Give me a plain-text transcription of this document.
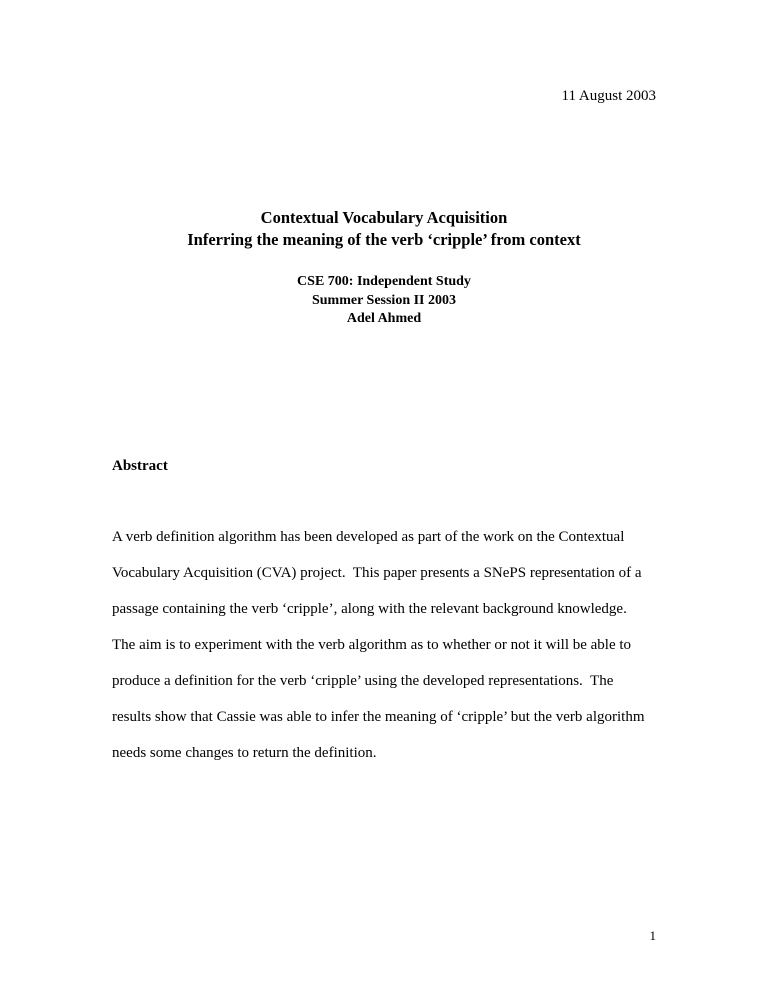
11 August 2003
Contextual Vocabulary Acquisition
Inferring the meaning of the verb ‘cripple’ from context
CSE 700: Independent Study
Summer Session II 2003
Adel Ahmed
Abstract
A verb definition algorithm has been developed as part of the work on the Contextual Vocabulary Acquisition (CVA) project.  This paper presents a SNePS representation of a passage containing the verb ‘cripple’, along with the relevant background knowledge.  The aim is to experiment with the verb algorithm as to whether or not it will be able to produce a definition for the verb ‘cripple’ using the developed representations.  The results show that Cassie was able to infer the meaning of ‘cripple’ but the verb algorithm needs some changes to return the definition.
1
